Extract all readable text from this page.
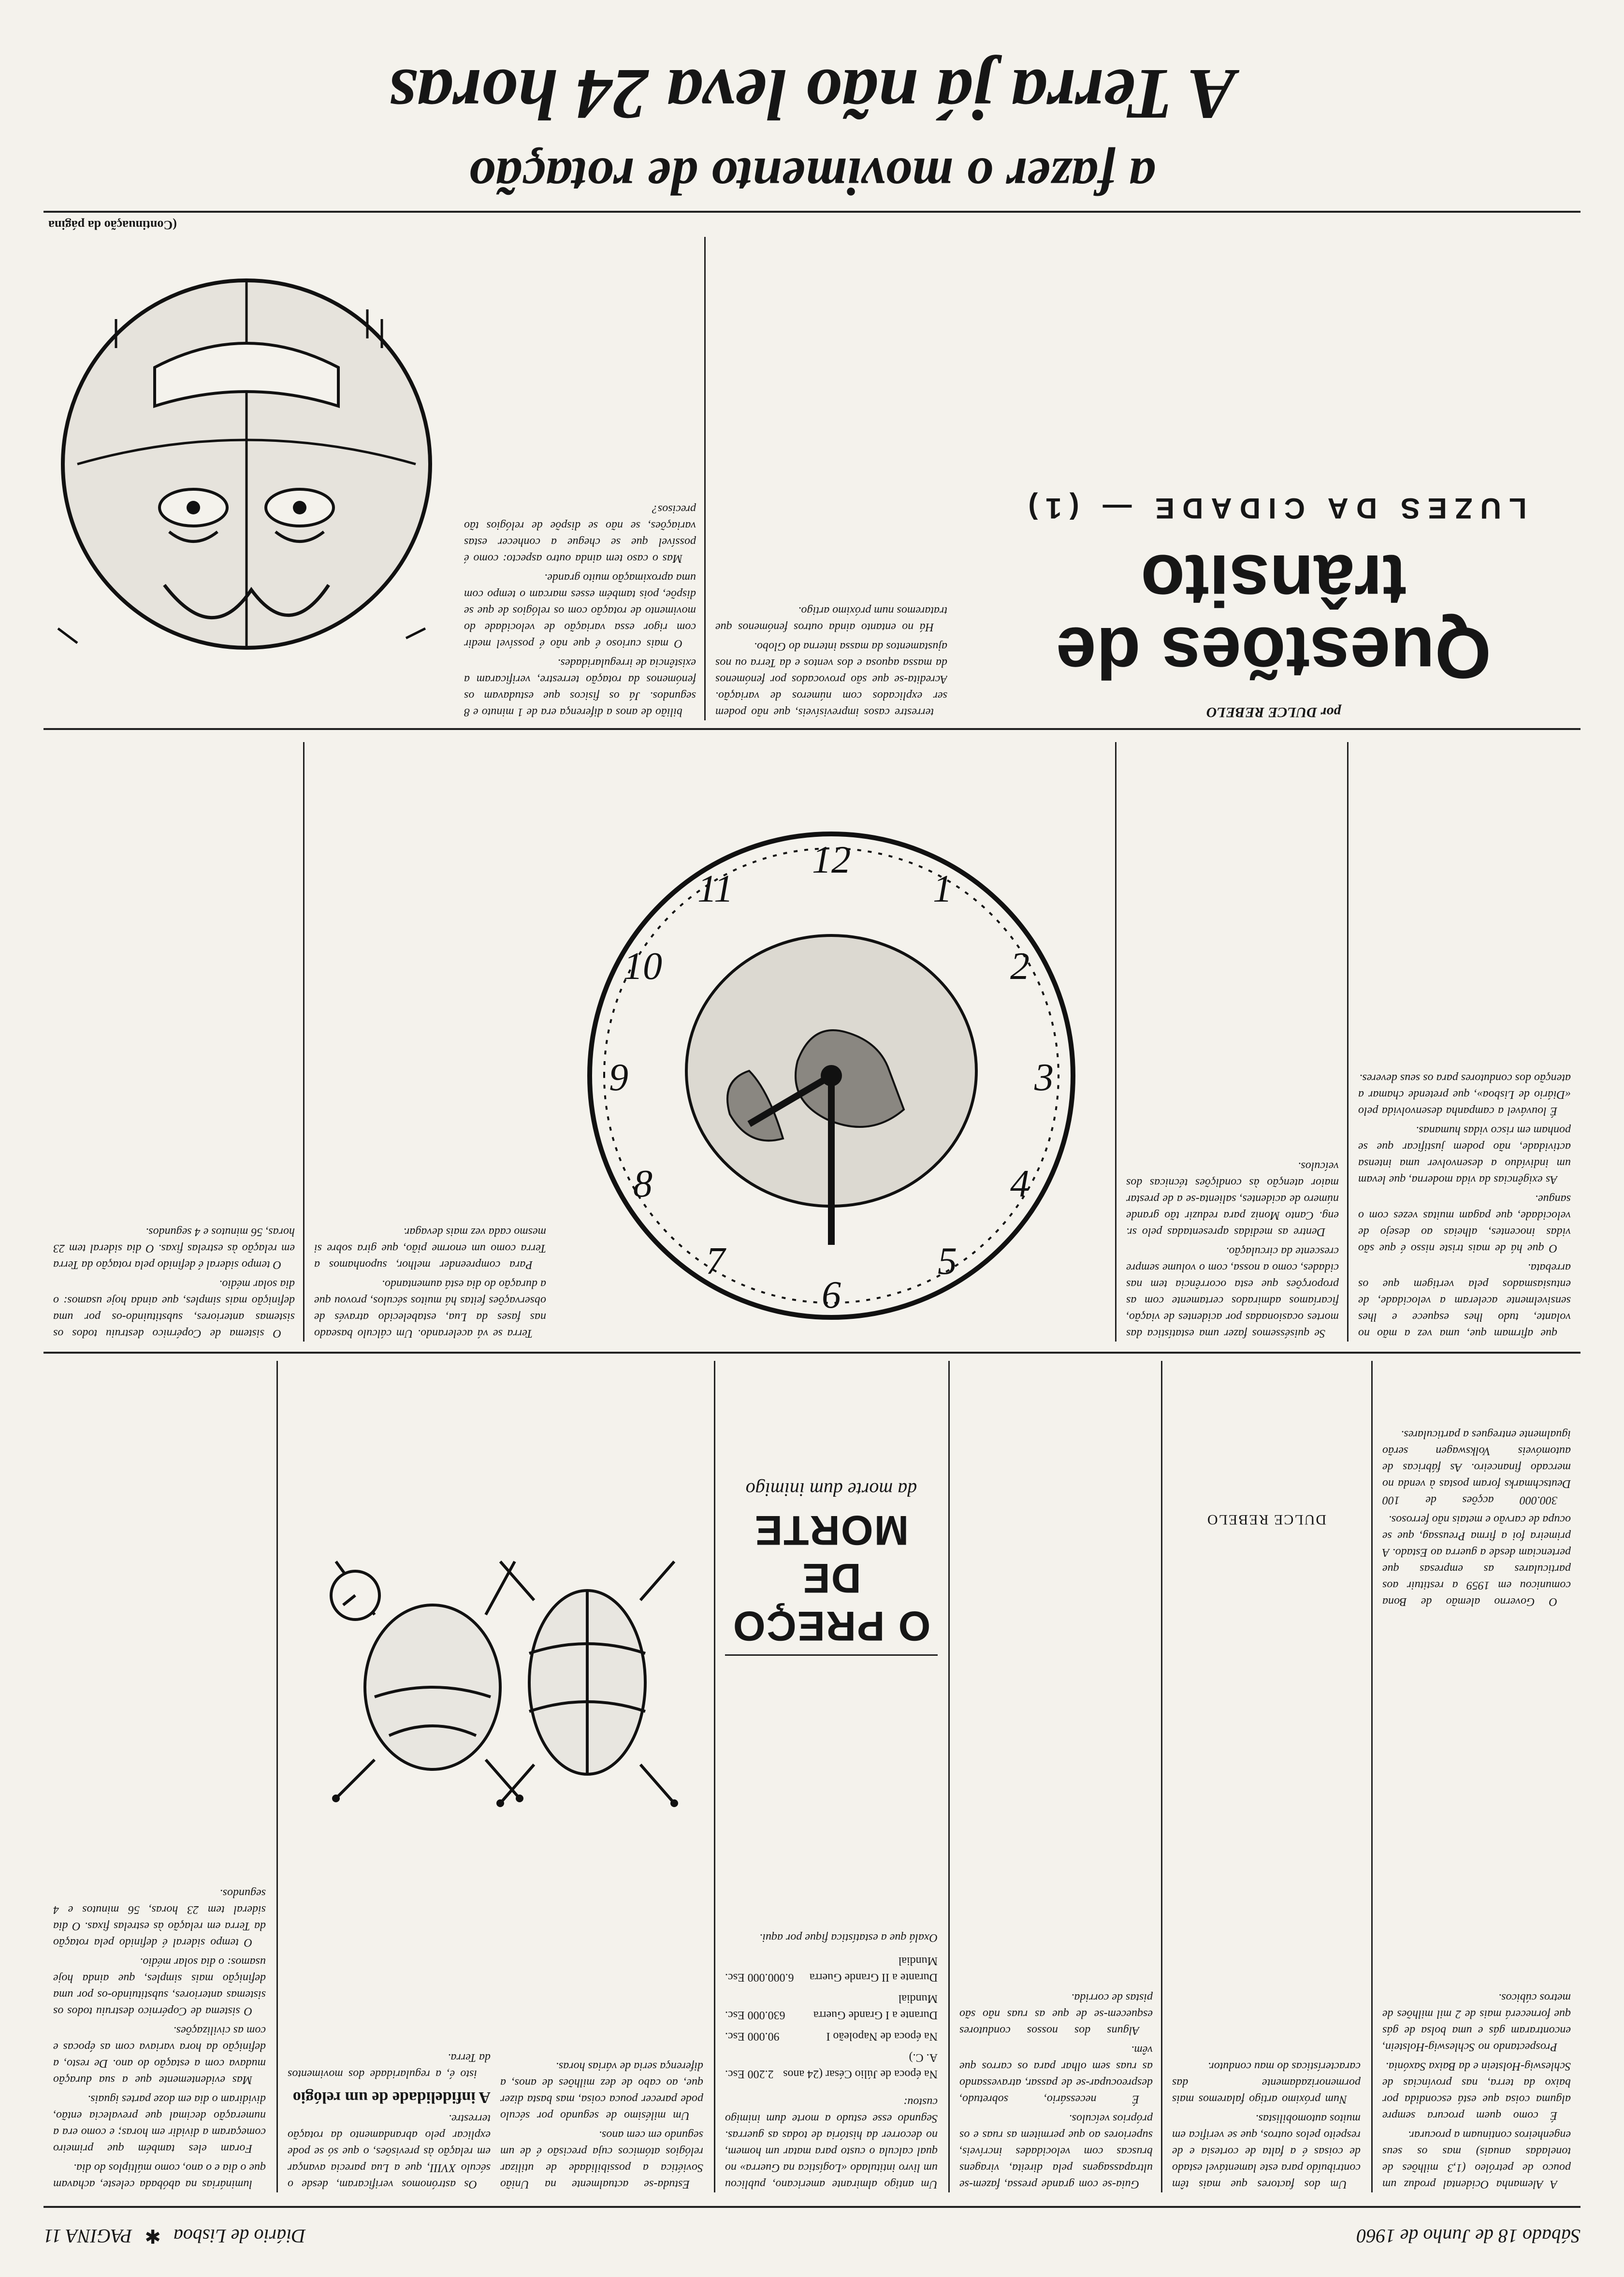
Sábado 18 de Junho de 1960
Diário de Lisboa
✱
PAGINA 11

A Alemanha Ocidental produz um pouco de petróleo (1,3 milhões de toneladas anuais) mas os seus engenheiros continuam a procurar.

É como quem procura sempre alguma coisa que está escondida por baixo da terra, nas províncias de Schleswig-Holstein e da Baixa Saxónia.

Prospectando no Schleswig-Holstein, encontraram gás e uma bolsa de gás que fornecerá mais de 2 mil milhões de metros cúbicos.

O Governo alemão de Bona comunicou em 1959 a restituir aos particulares as empresas que pertenciam desde a guerra ao Estado. A primeira foi a firma Preussag, que se ocupa de carvão e metais não ferrosos.

300.000 acções de 100 Deutschmarks foram postas à venda no mercado financeiro. As fábricas de automóveis Volkswagen serão igualmente entregues a particulares.

Um dos factores que mais têm contribuído para este lamentável estado de coisas é a falta de cortesia e de respeito pelos outros, que se verifica em muitos automobilistas.

Num próximo artigo falaremos mais pormenorizadamente das características do mau condutor.

DULCE REBELO

Guia-se com grande pressa, fazem-se ultrapassagens pela direita, viragens bruscas com velocidades incríveis, superiores ao que permitem as ruas e os próprios veículos.

É necessário, sobretudo, despreocupar-se de passar, atravessando as ruas sem olhar para os carros que vêm.

Alguns dos nossos condutores esquecem-se de que as ruas não são pistas de corrida.

Um antigo almirante americano, publicou um livro intitulado «Logística na Guerra» no qual calcula o custo para matar um homem, no decorrer da história de todas as guerras. Segundo esse estudo a morte dum inimigo custou:
Na época de Júlio César (24 anos A. C.)
2.200 Esc.
Na época de Napoleão I
90.000 Esc.
Durante a I Grande Guerra Mundial
630.000 Esc.
Durante a II Grande Guerra Mundial
6.000.000 Esc.
Oxalá que a estatística fique por aqui.
O PREÇO DE MORTE
da morte dum inimigo

Estuda-se actualmente na União Soviética a possibilidade de utilizar relógios atómicos cuja precisão é de um segundo em cem anos.

Um milésimo de segundo por século pode parecer pouca coisa, mas basta dizer que, ao cabo de dez milhões de anos, a diferença seria de várias horas.

Os astrónomos verificaram, desde o século XVIII, que a Lua parecia avançar em relação às previsões, o que só se pode explicar pelo abrandamento da rotação terrestre.

A infidelidade de um relógio

isto é, a regularidade dos movimentos da Terra.

luminárias na abóbada celeste, achavam que o dia e o ano, como múltiplos do dia.

Foram eles também que primeiro começaram a dividir em horas; e como era a numeração decimal que prevalecia então, dividiram o dia em doze partes iguais.

Mas evidentemente que a sua duração mudava com a estação do ano. De resto, a definição da hora variava com as épocas e com as civilizações.

O sistema de Copérnico destruiu todos os sistemas anteriores, substituindo-os por uma definição mais simples, que ainda hoje usamos: o dia solar médio.

O tempo sideral é definido pela rotação da Terra em relação às estrelas fixas. O dia sideral tem 23 horas, 56 minutos e 4 segundos.

que afirmam que, uma vez a mão no volante, tudo lhes esquece e lhes sensivelmente aceleram a velocidade, de entusiasmados pela vertigem que os arrebata.

O que há de mais triste nisso é que são vidas inocentes, alheias ao desejo de velocidade, que pagam muitas vezes com o sangue.

As exigências da vida moderna, que levam um indivíduo a desenvolver uma intensa actividade, não podem justificar que se ponham em risco vidas humanas.

É louvável a campanha desenvolvida pelo «Diário de Lisboa», que pretende chamar a atenção dos condutores para os seus deveres.

Se quiséssemos fazer uma estatística das mortes ocasionadas por acidentes de viação, ficaríamos admirados certamente com as proporções que esta ocorrência tem nas cidades, como a nossa, com o volume sempre crescente da circulação.

Dentre as medidas apresentadas pelo sr. eng. Canto Moniz para reduzir tão grande número de acidentes, salienta-se a de prestar maior atenção às condições técnicas dos veículos.

12
1
2
3
4
5
6
7
8
9
10
11

Terra se vá acelerando. Um cálculo baseado nas fases da Lua, estabelecido através de observações feitas há muitos séculos, provou que a duração do dia está aumentando.

Para compreender melhor, suponhamos a Terra como um enorme pião, que gira sobre si mesmo cada vez mais devagar.

O sistema de Copérnico destruiu todos os sistemas anteriores, substituindo-os por uma definição mais simples, que ainda hoje usamos: o dia solar médio.

O tempo sideral é definido pela rotação da Terra em relação às estrelas fixas. O dia sideral tem 23 horas, 56 minutos e 4 segundos.

por DULCE REBELO
Questões de trânsito
LUZES DA CIDADE — (1)

terrestre casos imprevisíveis, que não podem ser explicados com números de variação. Acredita-se que são provocados por fenómenos da massa aquosa e dos ventos e da Terra ou nos ajustamentos da massa interna do Globo.

Há no entanto ainda outros fenómenos que trataremos num próximo artigo.

bilião de anos a diferença era de 1 minuto e 8 segundos. Já os fisicos que estudavam os fenómenos da rotação terrestre, verificaram a existência de irregularidades.

O mais curioso é que não é possível medir com rigor essa variação de velocidade do movimento de rotação com os relógios de que se dispõe, pois também esses marcam o tempo com uma aproximação muito grande.

Mas o caso tem ainda outro aspecto: como é possível que se chegue a conhecer estas variações, se não se dispõe de relógios tão precisos?

(Continuação da página
a fazer o movimento de rotação
A Terra já não leva 24 horas
